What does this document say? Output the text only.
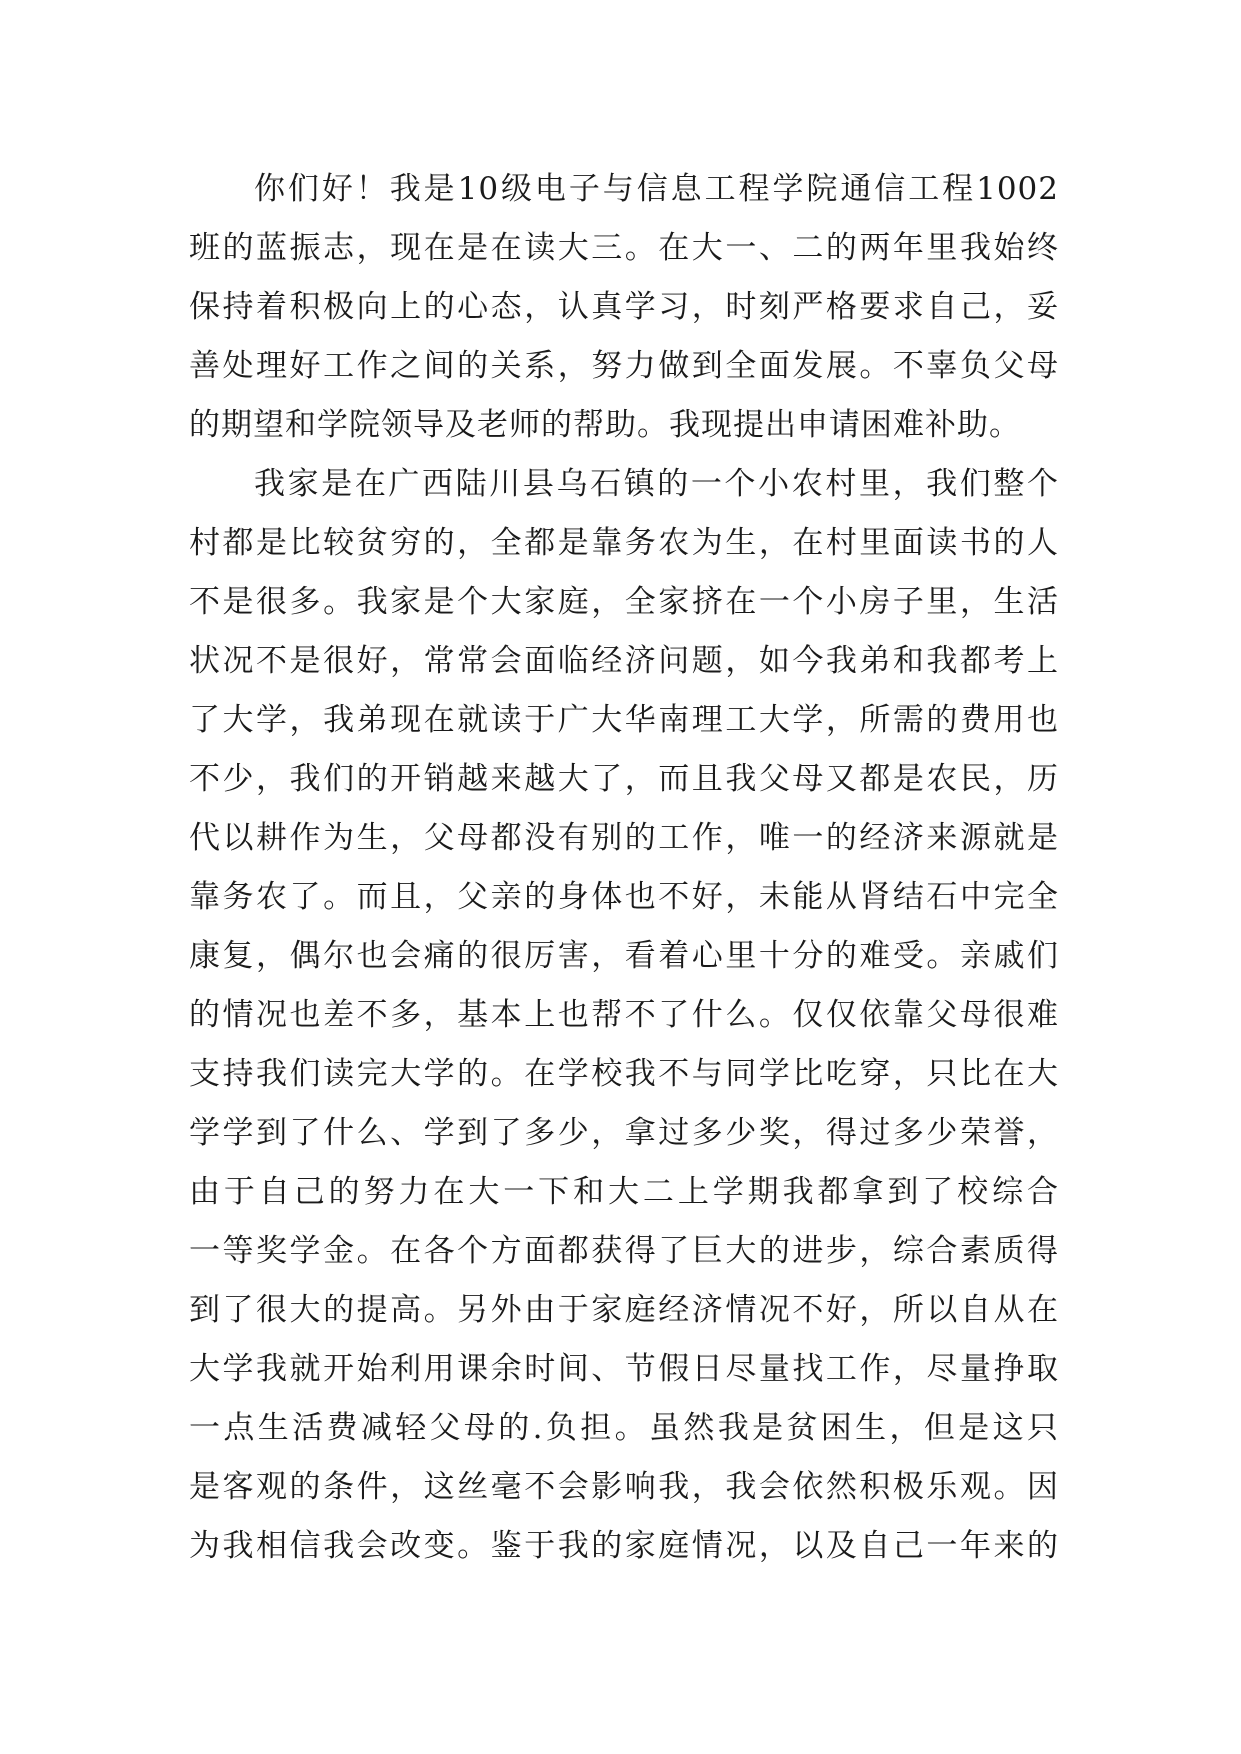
你们好！我是10级电子与信息工程学院通信工程1002
班的蓝振志，现在是在读大三。在大一、二的两年里我始终
保持着积极向上的心态，认真学习，时刻严格要求自己，妥
善处理好工作之间的关系，努力做到全面发展。不辜负父母
的期望和学院领导及老师的帮助。我现提出申请困难补助。
我家是在广西陆川县乌石镇的一个小农村里，我们整个
村都是比较贫穷的，全都是靠务农为生，在村里面读书的人
不是很多。我家是个大家庭，全家挤在一个小房子里，生活
状况不是很好，常常会面临经济问题，如今我弟和我都考上
了大学，我弟现在就读于广大华南理工大学，所需的费用也
不少，我们的开销越来越大了，而且我父母又都是农民，历
代以耕作为生，父母都没有别的工作，唯一的经济来源就是
靠务农了。而且，父亲的身体也不好，未能从肾结石中完全
康复，偶尔也会痛的很厉害，看着心里十分的难受。亲戚们
的情况也差不多，基本上也帮不了什么。仅仅依靠父母很难
支持我们读完大学的。在学校我不与同学比吃穿，只比在大
学学到了什么、学到了多少，拿过多少奖，得过多少荣誉，
由于自己的努力在大一下和大二上学期我都拿到了校综合
一等奖学金。在各个方面都获得了巨大的进步，综合素质得
到了很大的提高。另外由于家庭经济情况不好，所以自从在
大学我就开始利用课余时间、节假日尽量找工作，尽量挣取
一点生活费减轻父母的.负担。虽然我是贫困生，但是这只
是客观的条件，这丝毫不会影响我，我会依然积极乐观。因
为我相信我会改变。鉴于我的家庭情况，以及自己一年来的
